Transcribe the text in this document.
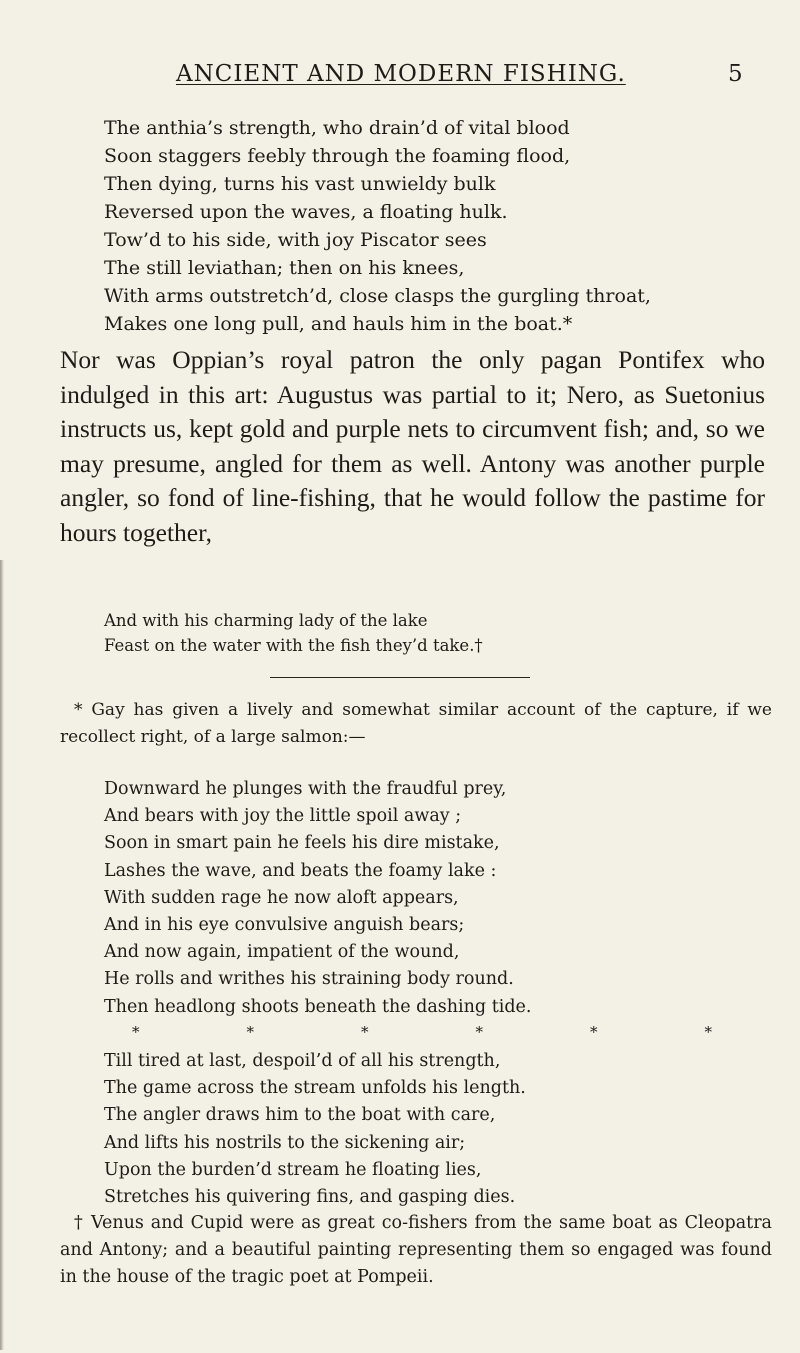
ANCIENT AND MODERN FISHING.	5
The anthia’s strength, who drain’d of vital blood
Soon staggers feebly through the foaming flood,
Then dying, turns his vast unwieldy bulk
Reversed upon the waves, a floating hulk.
Tow’d to his side, with joy Piscator sees
The still leviathan; then on his knees,
With arms outstretch’d, close clasps the gurgling throat,
Makes one long pull, and hauls him in the boat.*
Nor was Oppian’s royal patron the only pagan Pontifex who indulged in this art: Augustus was partial to it; Nero, as Suetonius instructs us, kept gold and purple nets to circumvent fish; and, so we may presume, angled for them as well. Antony was another purple angler, so fond of line-fishing, that he would follow the pastime for hours together,
And with his charming lady of the lake
Feast on the water with the fish they’d take.†
* Gay has given a lively and somewhat similar account of the capture, if we recollect right, of a large salmon:—
Downward he plunges with the fraudful prey,
And bears with joy the little spoil away ;
Soon in smart pain he feels his dire mistake,
Lashes the wave, and beats the foamy lake :
With sudden rage he now aloft appears,
And in his eye convulsive anguish bears;
And now again, impatient of the wound,
He rolls and writhes his straining body round.
Then headlong shoots beneath the dashing tide.
*	*	*	*	*	*
Till tired at last, despoil’d of all his strength,
The game across the stream unfolds his length.
The angler draws him to the boat with care,
And lifts his nostrils to the sickening air;
Upon the burden’d stream he floating lies,
Stretches his quivering fins, and gasping dies.
† Venus and Cupid were as great co-fishers from the same boat as Cleopatra and Antony; and a beautiful painting representing them so engaged was found in the house of the tragic poet at Pompeii.
